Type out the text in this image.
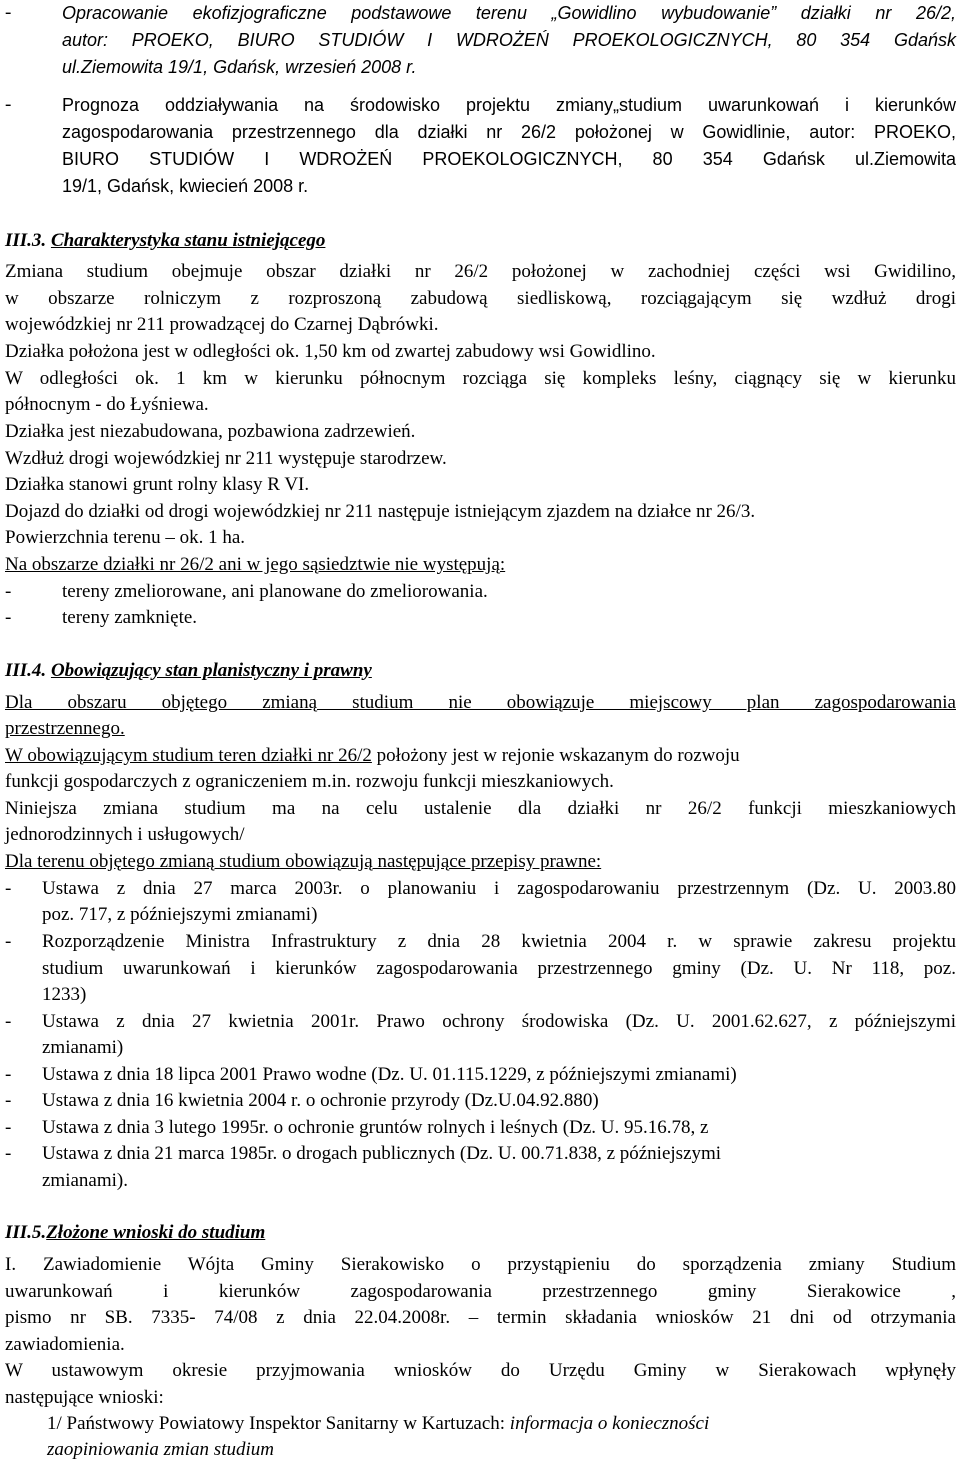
-	Opracowanie ekofizjograficzne podstawowe terenu „Gowidlino wybudowanie” działki nr 26/2,
autor: PROEKO, BIURO STUDIÓW I WDROŻEŃ PROEKOLOGICZNYCH, 80 354 Gdańsk
ul.Ziemowita 19/1, Gdańsk, wrzesień 2008 r.
-	Prognoza oddziaływania na środowisko projektu zmiany„studium uwarunkowań i kierunków
zagospodarowania przestrzennego dla działki nr 26/2 położonej w Gowidlinie, autor: PROEKO,
BIURO STUDIÓW I WDROŻEŃ PROEKOLOGICZNYCH, 80 354 Gdańsk ul.Ziemowita
19/1, Gdańsk, kwiecień 2008 r.
III.3. Charakterystyka stanu istniejącego
Zmiana studium obejmuje obszar działki nr 26/2 położonej w zachodniej części wsi Gwidilino,
w obszarze rolniczym z rozproszoną zabudową siedliskową, rozciągającym się wzdłuż drogi
wojewódzkiej nr 211 prowadzącej do Czarnej Dąbrówki.
Działka położona jest w odległości ok. 1,50 km od zwartej zabudowy wsi Gowidlino.
W odległości ok. 1 km w kierunku północnym rozciąga się kompleks leśny, ciągnący się w kierunku
północnym - do Łyśniewa.
Działka jest niezabudowana, pozbawiona zadrzewień.
Wzdłuż drogi wojewódzkiej nr 211 występuje starodrzew.
Działka stanowi grunt rolny klasy R VI.
Dojazd do działki od drogi wojewódzkiej nr 211 następuje istniejącym zjazdem na działce nr 26/3.
Powierzchnia terenu – ok. 1 ha.
Na obszarze działki nr 26/2 ani w jego sąsiedztwie nie występują:
-	tereny zmeliorowane, ani planowane do zmeliorowania.
-	tereny zamknięte.
III.4. Obowiązujący stan planistyczny i prawny
Dla obszaru objętego zmianą studium nie obowiązuje miejscowy plan zagospodarowania
przestrzennego.
W obowiązującym studium teren działki nr 26/2 położony jest w rejonie wskazanym do rozwoju
funkcji gospodarczych z ograniczeniem m.in. rozwoju funkcji mieszkaniowych.
Niniejsza zmiana studium ma na celu ustalenie dla działki nr 26/2 funkcji mieszkaniowych
jednorodzinnych i usługowych/
Dla terenu objętego zmianą studium obowiązują następujące przepisy prawne:
- Ustawa z dnia 27 marca 2003r. o planowaniu i zagospodarowaniu przestrzennym (Dz. U. 2003.80
poz. 717, z późniejszymi zmianami)
- Rozporządzenie Ministra Infrastruktury z dnia 28 kwietnia 2004 r. w sprawie zakresu projektu
studium uwarunkowań i kierunków zagospodarowania przestrzennego gminy (Dz. U. Nr 118, poz.
1233)
- Ustawa z dnia 27 kwietnia 2001r. Prawo ochrony środowiska (Dz. U. 2001.62.627, z późniejszymi
zmianami)
- Ustawa z dnia 18 lipca 2001 Prawo wodne (Dz. U. 01.115.1229, z późniejszymi zmianami)
- Ustawa z dnia 16 kwietnia 2004 r. o ochronie przyrody (Dz.U.04.92.880)
- Ustawa z dnia 3 lutego 1995r. o ochronie gruntów rolnych i leśnych (Dz. U. 95.16.78, z
- Ustawa z dnia 21 marca 1985r. o drogach publicznych (Dz. U. 00.71.838, z późniejszymi
zmianami).
III.5.Złożone wnioski do studium
I. Zawiadomienie Wójta Gminy Sierakowisko o przystąpieniu do sporządzenia zmiany Studium
uwarunkowań i kierunków zagospodarowania przestrzennego gminy Sierakowice ,
pismo nr SB. 7335- 74/08 z dnia 22.04.2008r. – termin składania wniosków 21 dni od otrzymania
zawiadomienia.
W ustawowym okresie przyjmowania wniosków do Urzędu Gminy w Sierakowach wpłynęły
następujące wnioski:
1/ Państwowy Powiatowy Inspektor Sanitarny w Kartuzach: informacja o konieczności
zaopiniowania zmian studium
